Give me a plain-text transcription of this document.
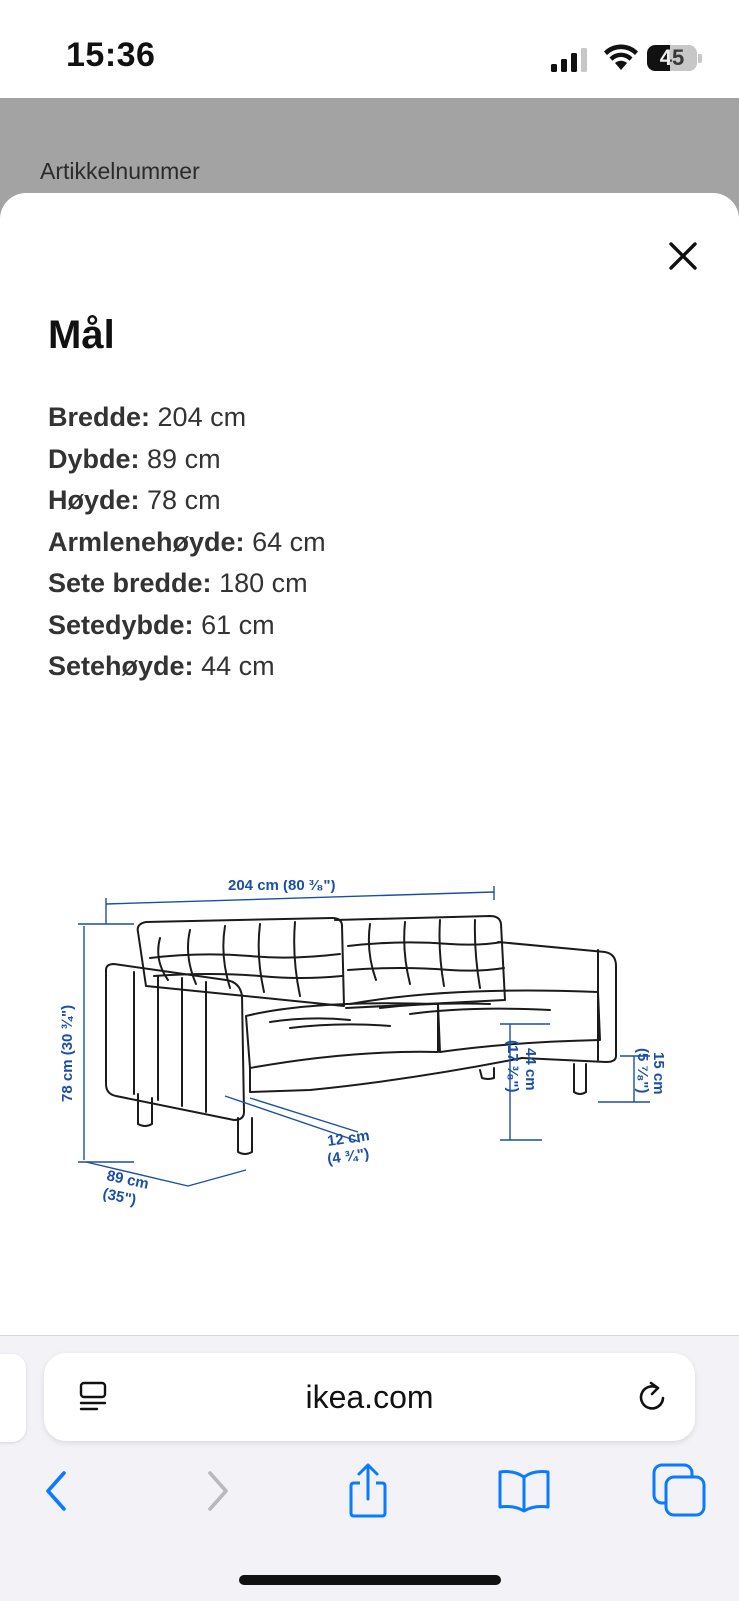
15:36	45
Artikkelnummer
Mål
Bredde: 204 cm
Dybde: 89 cm
Høyde: 78 cm
Armlenehøyde: 64 cm
Sete bredde: 180 cm
Setedybde: 61 cm
Setehøyde: 44 cm
204 cm (80 ³⁄₈")
78 cm (30 ¾")
89 cm
(35")
12 cm
(4 ¾")
44 cm
(17 ³⁄₈")	15 cm
(5 ⁷⁄₈")
ikea.com
